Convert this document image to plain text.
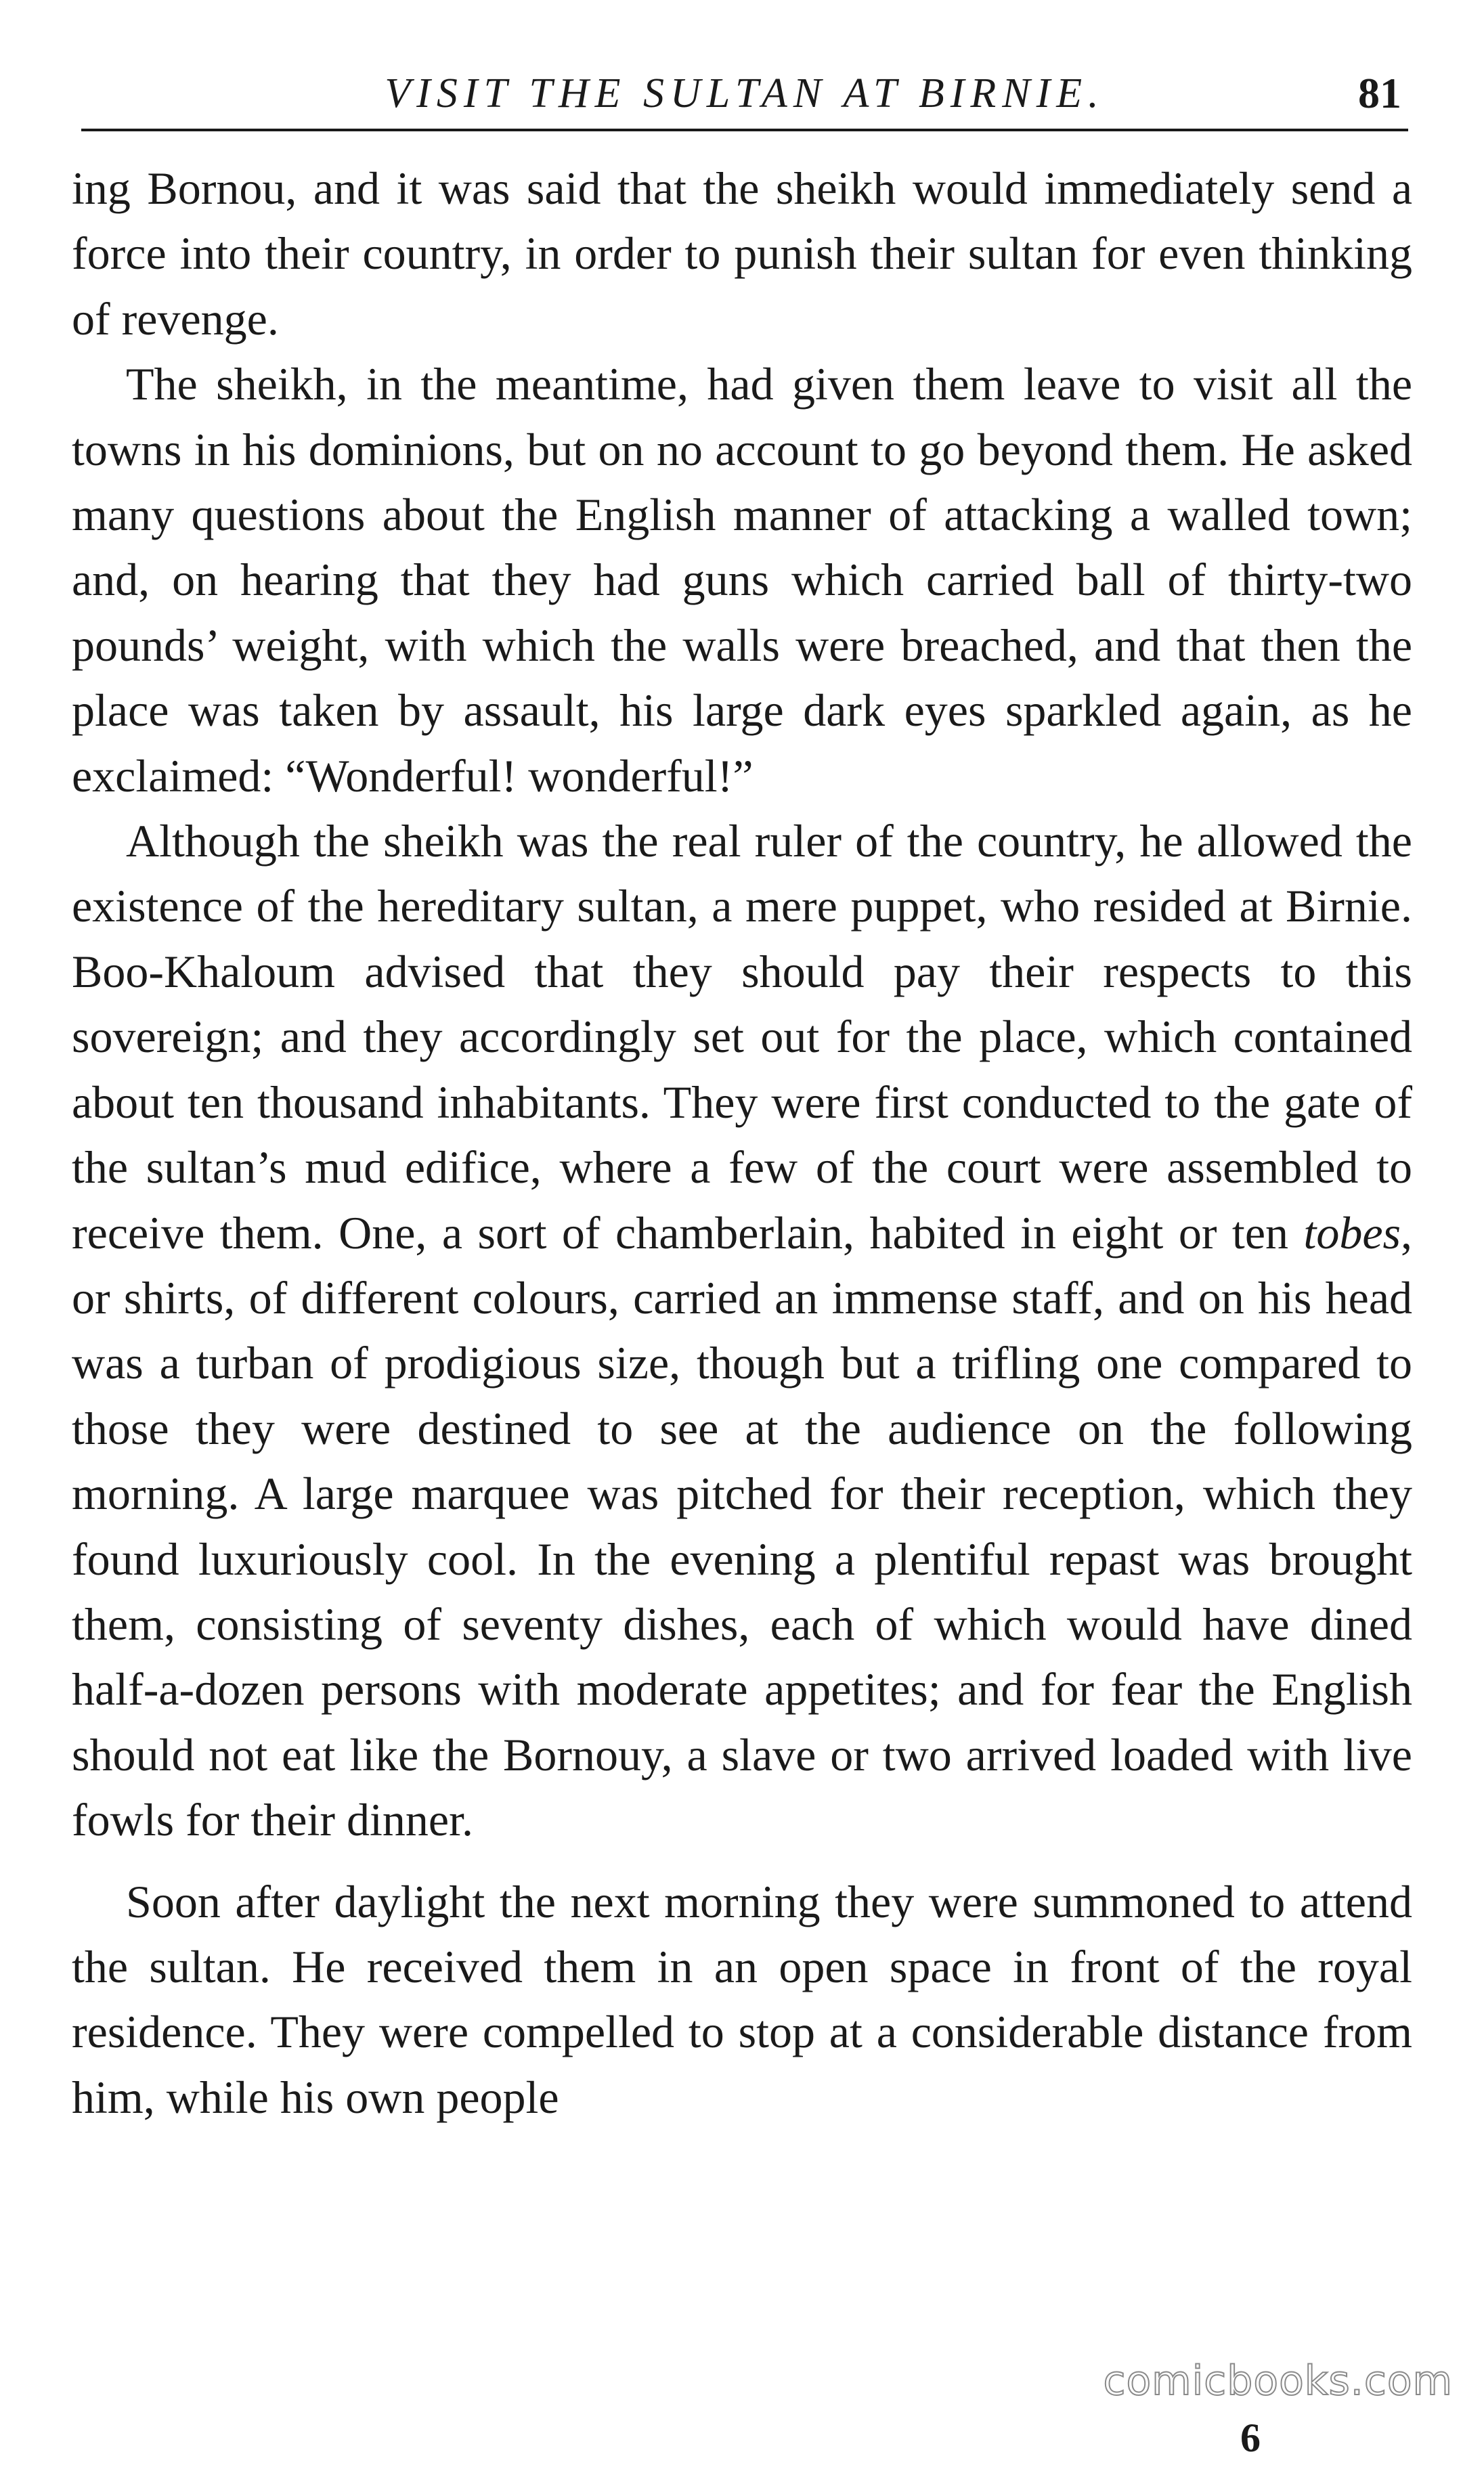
VISIT THE SULTAN AT BIRNIE.	81

ing Bornou, and it was said that the sheikh would immediately send a force into their country, in order to punish their sultan for even thinking of revenge.

The sheikh, in the meantime, had given them leave to visit all the towns in his dominions, but on no account to go beyond them. He asked many questions about the English manner of attacking a walled town; and, on hearing that they had guns which carried ball of thirty-two pounds’ weight, with which the walls were breached, and that then the place was taken by assault, his large dark eyes sparkled again, as he exclaimed: “Wonderful! wonderful!”

Although the sheikh was the real ruler of the country, he allowed the existence of the hereditary sultan, a mere puppet, who resided at Birnie. Boo-Khaloum advised that they should pay their respects to this sovereign; and they accordingly set out for the place, which contained about ten thousand inhabitants. They were first conducted to the gate of the sultan’s mud edifice, where a few of the court were assembled to receive them. One, a sort of chamberlain, habited in eight or ten tobes, or shirts, of different colours, carried an immense staff, and on his head was a turban of prodigious size, though but a trifling one compared to those they were destined to see at the audience on the following morning. A large marquee was pitched for their reception, which they found luxuriously cool. In the evening a plentiful repast was brought them, consisting of seventy dishes, each of which would have dined half-a-dozen persons with moderate appetites; and for fear the English should not eat like the Bornouy, a slave or two arrived loaded with live fowls for their dinner.

Soon after daylight the next morning they were summoned to attend the sultan. He received them in an open space in front of the royal residence. They were compelled to stop at a considerable distance from him, while his own people

comicbooks.com
6
